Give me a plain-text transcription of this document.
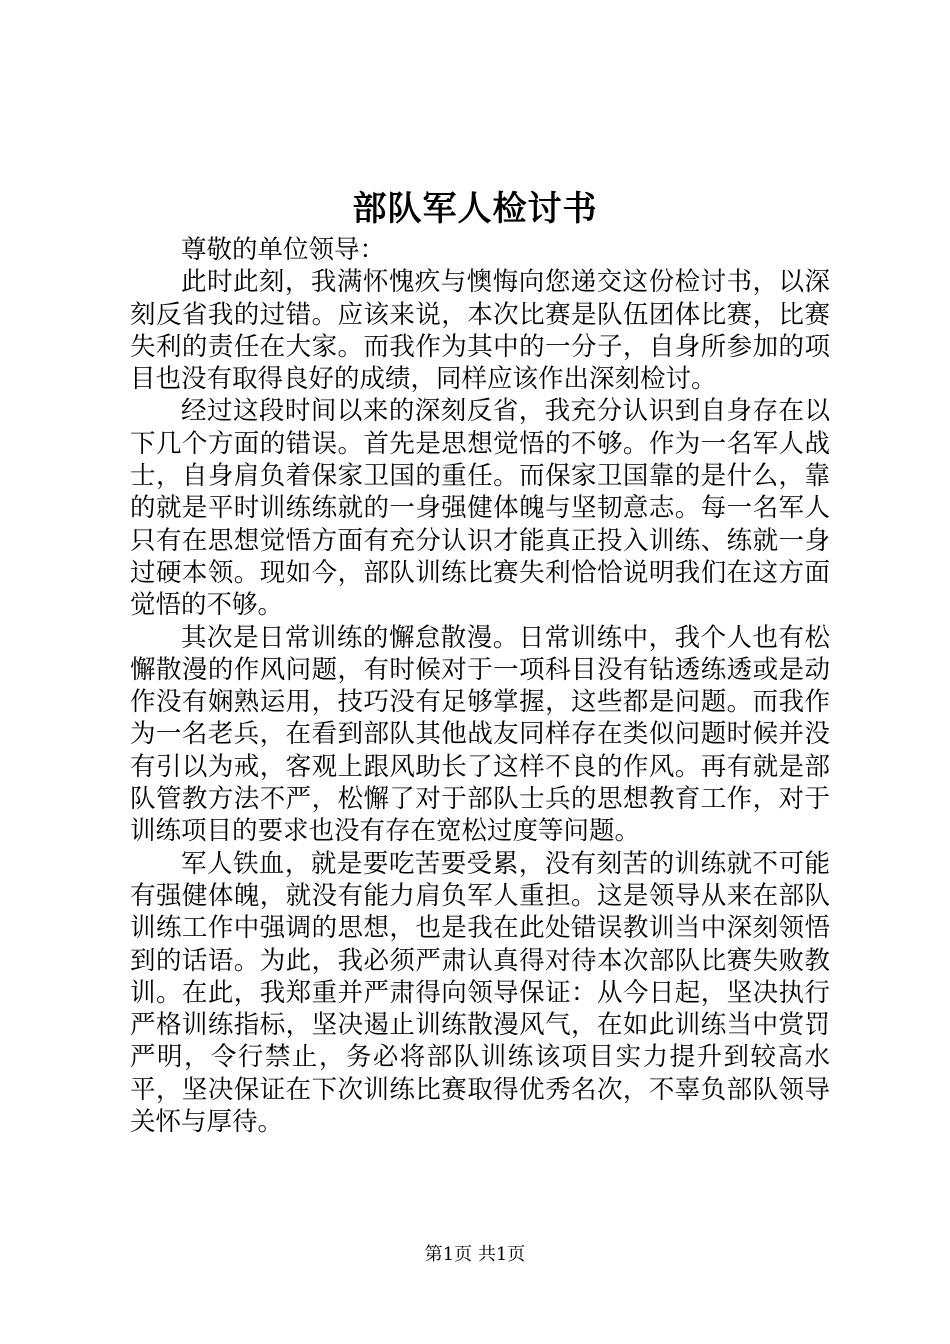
部队军人检讨书

尊敬的单位领导：

此时此刻，我满怀愧疚与懊悔向您递交这份检讨书，以深刻反省我的过错。应该来说，本次比赛是队伍团体比赛，比赛失利的责任在大家。而我作为其中的一分子，自身所参加的项目也没有取得良好的成绩，同样应该作出深刻检讨。

经过这段时间以来的深刻反省，我充分认识到自身存在以下几个方面的错误。首先是思想觉悟的不够。作为一名军人战士，自身肩负着保家卫国的重任。而保家卫国靠的是什么，靠的就是平时训练练就的一身强健体魄与坚韧意志。每一名军人只有在思想觉悟方面有充分认识才能真正投入训练、练就一身过硬本领。现如今，部队训练比赛失利恰恰说明我们在这方面觉悟的不够。

其次是日常训练的懈怠散漫。日常训练中，我个人也有松懈散漫的作风问题，有时候对于一项科目没有钻透练透或是动作没有娴熟运用，技巧没有足够掌握，这些都是问题。而我作为一名老兵，在看到部队其他战友同样存在类似问题时候并没有引以为戒，客观上跟风助长了这样不良的作风。再有就是部队管教方法不严，松懈了对于部队士兵的思想教育工作，对于训练项目的要求也没有存在宽松过度等问题。

军人铁血，就是要吃苦要受累，没有刻苦的训练就不可能有强健体魄，就没有能力肩负军人重担。这是领导从来在部队训练工作中强调的思想，也是我在此处错误教训当中深刻领悟到的话语。为此，我必须严肃认真得对待本次部队比赛失败教训。在此，我郑重并严肃得向领导保证：从今日起，坚决执行严格训练指标，坚决遏止训练散漫风气，在如此训练当中赏罚严明，令行禁止，务必将部队训练该项目实力提升到较高水平，坚决保证在下次训练比赛取得优秀名次，不辜负部队领导关怀与厚待。

第1页 共1页
